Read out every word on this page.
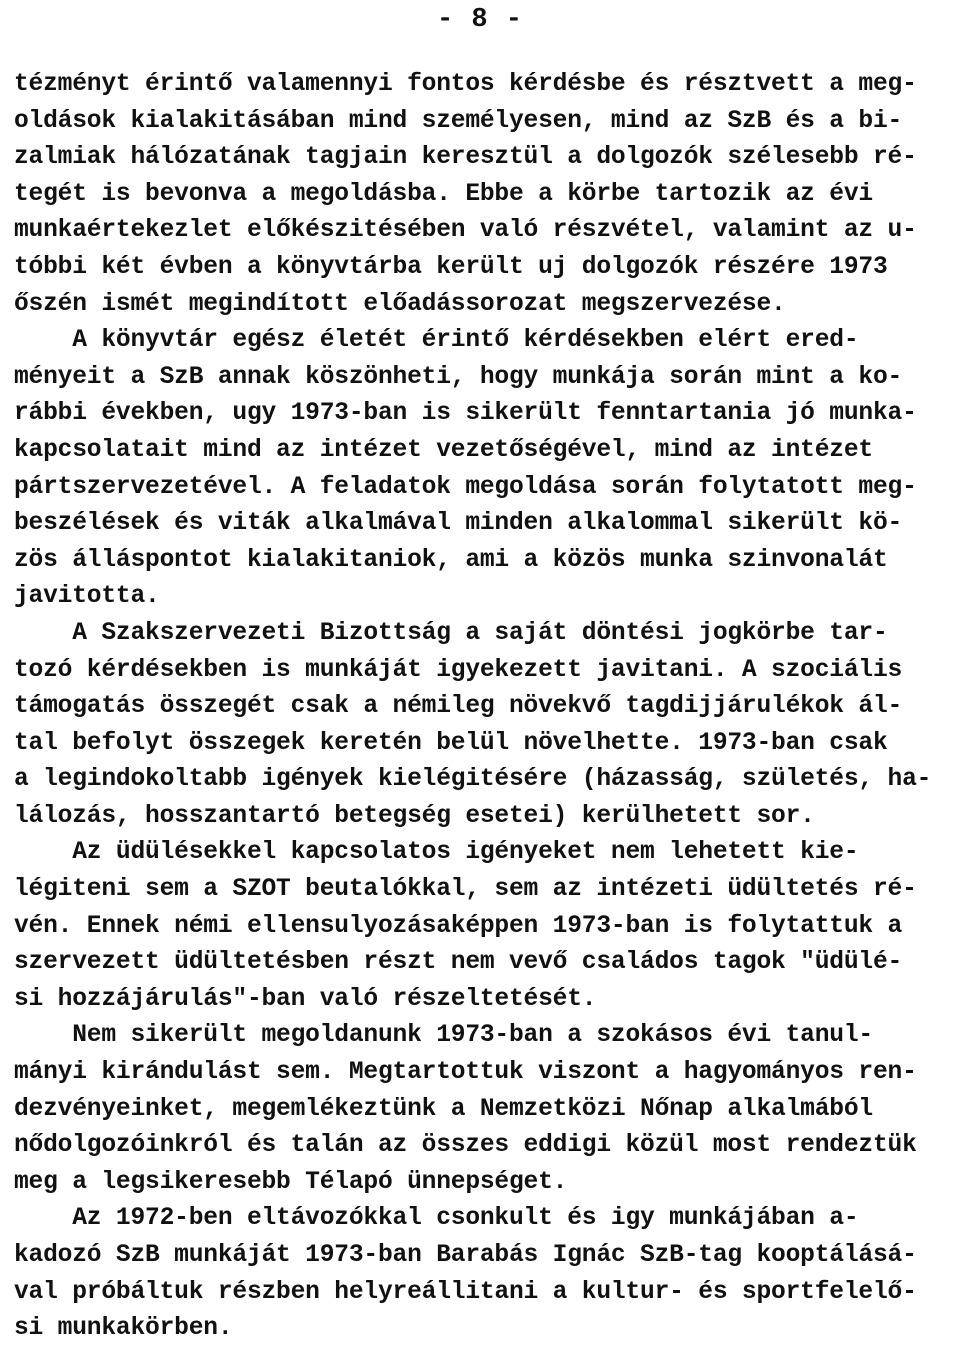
- 8 -
tézményt érintő valamennyi fontos kérdésbe és résztvett a meg-
oldások kialakitásában mind személyesen, mind az SzB és a bi-
zalmiak hálózatának tagjain keresztül a dolgozók szélesebb ré-
tegét is bevonva a megoldásba. Ebbe a körbe tartozik az évi
munkaértekezlet előkészitésében való részvétel, valamint az u-
tóbbi két évben a könyvtárba került uj dolgozók részére 1973
őszén ismét megindított előadássorozat megszervezése.
A könyvtár egész életét érintő kérdésekben elért ered-
ményeit a SzB annak köszönheti, hogy munkája során mint a ko-
rábbi években, ugy 1973-ban is sikerült fenntartania jó munka-
kapcsolatait mind az intézet vezetőségével, mind az intézet
pártszervezetével. A feladatok megoldása során folytatott meg-
beszélések és viták alkalmával minden alkalommal sikerült kö-
zös álláspontot kialakitaniok, ami a közös munka szinvonalát
javitotta.
A Szakszervezeti Bizottság a saját döntési jogkörbe tar-
tozó kérdésekben is munkáját igyekezett javitani. A szociális
támogatás összegét csak a némileg növekvő tagdijjárulékok ál-
tal befolyt összegek keretén belül növelhette. 1973-ban csak
a legindokoltabb igények kielégitésére (házasság, születés, ha-
lálozás, hosszantartó betegség esetei) kerülhetett sor.
Az üdülésekkel kapcsolatos igényeket nem lehetett kie-
légiteni sem a SZOT beutalókkal, sem az intézeti üdültetés ré-
vén. Ennek némi ellensulyozásaképpen 1973-ban is folytattuk a
szervezett üdültetésben részt nem vevő családos tagok "üdülé-
si hozzájárulás"-ban való részeltetését.
Nem sikerült megoldanunk 1973-ban a szokásos évi tanul-
mányi kirándulást sem. Megtartottuk viszont a hagyományos ren-
dezvényeinket, megemlékeztünk a Nemzetközi Nőnap alkalmából
nődolgozóinkról és talán az összes eddigi közül most rendeztük
meg a legsikeresebb Télapó ünnepséget.
Az 1972-ben eltávozókkal csonkult és igy munkájában a-
kadozó SzB munkáját 1973-ban Barabás Ignác SzB-tag kooptálásá-
val próbáltuk részben helyreállitani a kultur- és sportfelelő-
si munkakörben.
